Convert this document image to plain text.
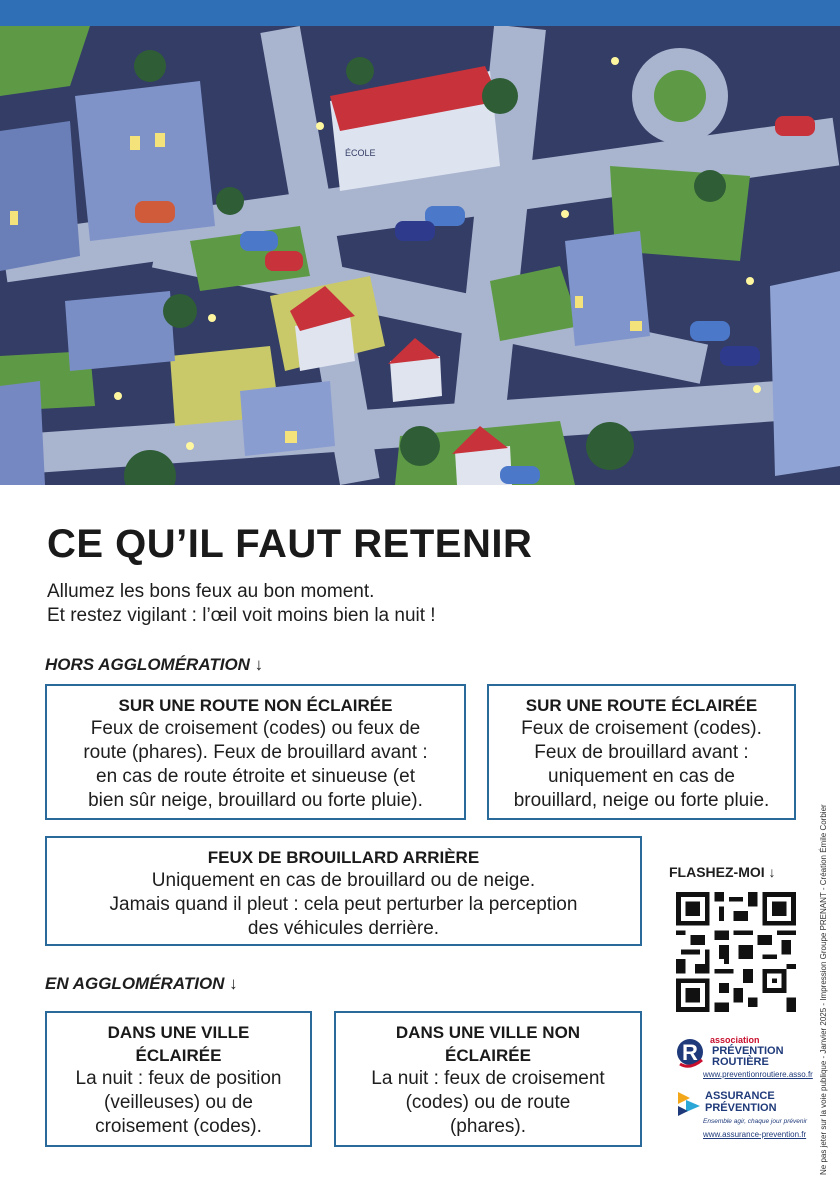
ÉCOLE
CE QU’IL FAUT RETENIR
Allumez les bons feux au bon moment.
Et restez vigilant : l’œil voit moins bien la nuit !
HORS AGGLOMÉRATION ↓
SUR UNE ROUTE NON ÉCLAIRÉE
Feux de croisement (codes) ou feux de
route (phares). Feux de brouillard avant :
en cas de route étroite et sinueuse (et
bien sûr neige, brouillard ou forte pluie).
SUR UNE ROUTE ÉCLAIRÉE
Feux de croisement (codes).
Feux de brouillard avant :
uniquement en cas de
brouillard, neige ou forte pluie.
FEUX DE BROUILLARD ARRIÈRE
Uniquement en cas de brouillard ou de neige.
Jamais quand il pleut : cela peut perturber la perception
des véhicules derrière.
EN AGGLOMÉRATION ↓
DANS UNE VILLE
ÉCLAIRÉE
La nuit : feux de position
(veilleuses) ou de
croisement (codes).
DANS UNE VILLE NON
ÉCLAIRÉE
La nuit : feux de croisement
(codes) ou de route
(phares).
FLASHEZ-MOI ↓
R association
PRÉVENTION
ROUTIÈRE
www.preventionroutiere.asso.fr
ASSURANCE
PRÉVENTION
Ensemble agir, chaque jour prévenir
www.assurance-prevention.fr Ne pas jeter sur la voie publique - Janvier 2025 - Impression Groupe PRENANT - Création Émile Corbier
